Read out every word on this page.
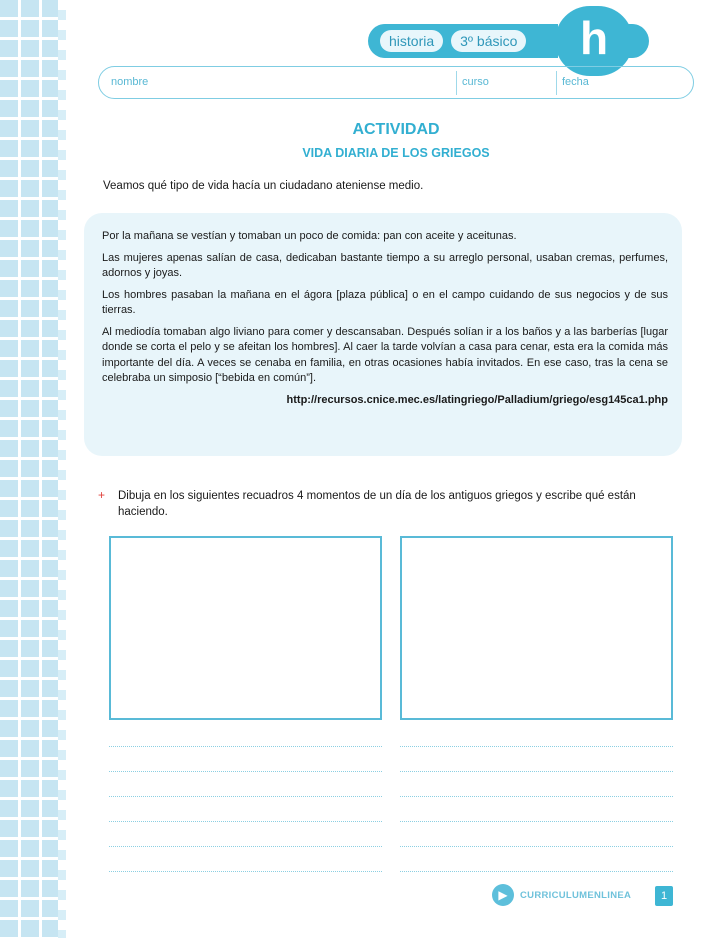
historia	3º básico	h
nombre	curso	fecha
ACTIVIDAD
VIDA DIARIA DE LOS GRIEGOS
Veamos qué tipo de vida hacía un ciudadano ateniense medio.

Por la mañana se vestían y tomaban un poco de comida: pan con aceite y aceitunas.

Las mujeres apenas salían de casa, dedicaban bastante tiempo a su arreglo personal, usaban cremas, perfumes, adornos y joyas.

Los hombres pasaban la mañana en el ágora [plaza pública] o en el campo cuidando de sus negocios y de sus tierras.

Al mediodía tomaban algo liviano para comer y descansaban. Después solían ir a los baños y a las barberías [lugar donde se corta el pelo y se afeitan los hombres]. Al caer la tarde volvían a casa para cenar, esta era la comida más importante del día. A veces se cenaba en familia, en otras ocasiones había invitados. En ese caso, tras la cena se celebraba un simposio [“bebida en común”].

http://recursos.cnice.mec.es/latingriego/Palladium/griego/esg145ca1.php

+ Dibuja en los siguientes recuadros 4 momentos de un día de los antiguos griegos y escribe qué están haciendo.
▶	CURRICULUMENLINEA	1
